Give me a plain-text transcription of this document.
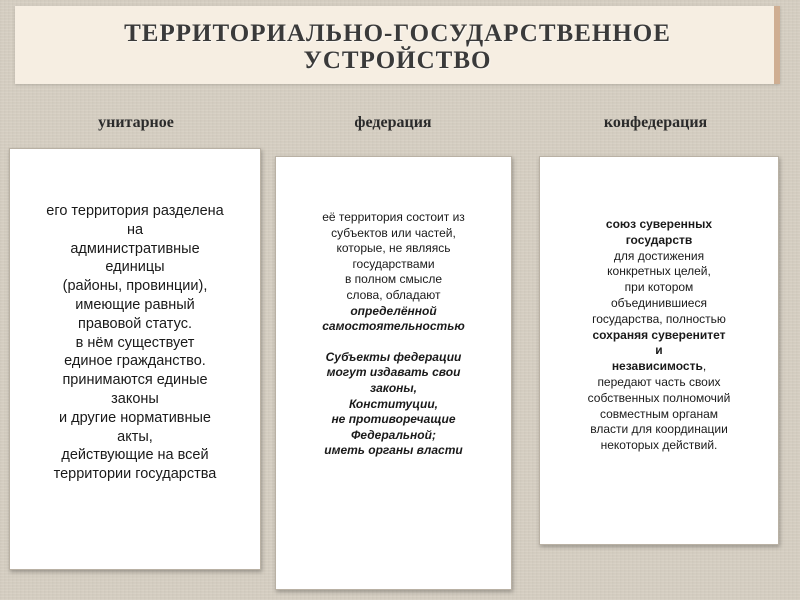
ТЕРРИТОРИАЛЬНО-ГОСУДАРСТВЕННОЕ
УСТРОЙСТВО
унитарное	федерация	конфедерация
его территория разделена
на
административные
единицы
(районы, провинции),
имеющие равный
правовой статус.
в нём существует
единое гражданство.
принимаются единые
законы
и другие нормативные
акты,
действующие на всей
территории государства
её территория состоит из
субъектов или частей,
которые, не являясь
государствами
в полном смысле
слова, обладают
определённой
самостоятельностью
Субъекты федерации
могут издавать свои
законы,
Конституции,
не противоречащие
Федеральной;
иметь органы власти
союз суверенных
государств
для достижения
конкретных целей,
при котором
объединившиеся
государства, полностью
сохраняя суверенитет
и
независимость,
передают часть своих
собственных полномочий
совместным органам
власти для координации
некоторых действий.
